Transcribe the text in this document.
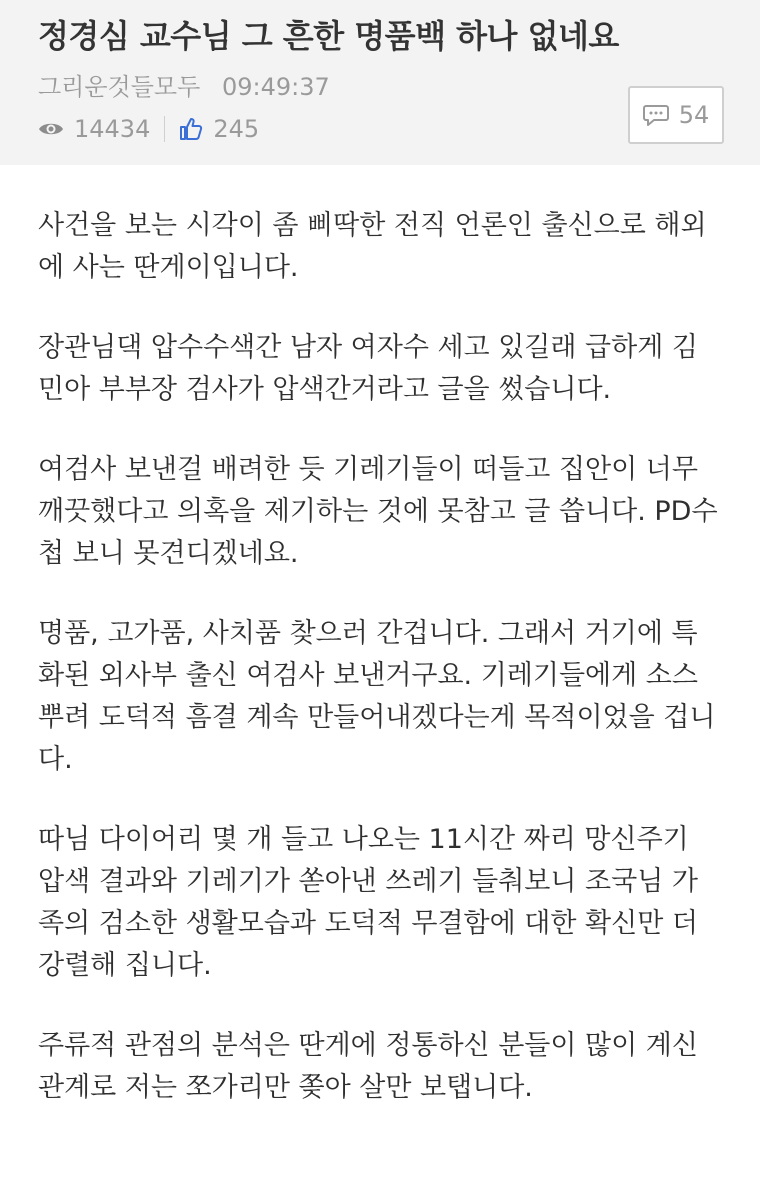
정경심 교수님 그 흔한 명품백 하나 없네요
그리운것들모두 09:49:37
14434	245	54

사건을 보는 시각이 좀 삐딱한 전직 언론인 출신으로 해외에 사는 딴게이입니다.

장관님댁 압수수색간 남자 여자수 세고 있길래 급하게 김민아 부부장 검사가 압색간거라고 글을 썼습니다.

여검사 보낸걸 배려한 듯 기레기들이 떠들고 집안이 너무 깨끗했다고 의혹을 제기하는 것에 못참고 글 씁니다. PD수첩 보니 못견디겠네요.

명품, 고가품, 사치품 찾으러 간겁니다. 그래서 거기에 특화된 외사부 출신 여검사 보낸거구요. 기레기들에게 소스 뿌려 도덕적 흠결 계속 만들어내겠다는게 목적이었을 겁니다.

따님 다이어리 몇 개 들고 나오는 11시간 짜리 망신주기 압색 결과와 기레기가 쏟아낸 쓰레기 들춰보니 조국님 가족의 검소한 생활모습과 도덕적 무결함에 대한 확신만 더 강렬해 집니다.

주류적 관점의 분석은 딴게에 정통하신 분들이 많이 계신 관계로 저는 쪼가리만 쫒아 살만 보탭니다.
